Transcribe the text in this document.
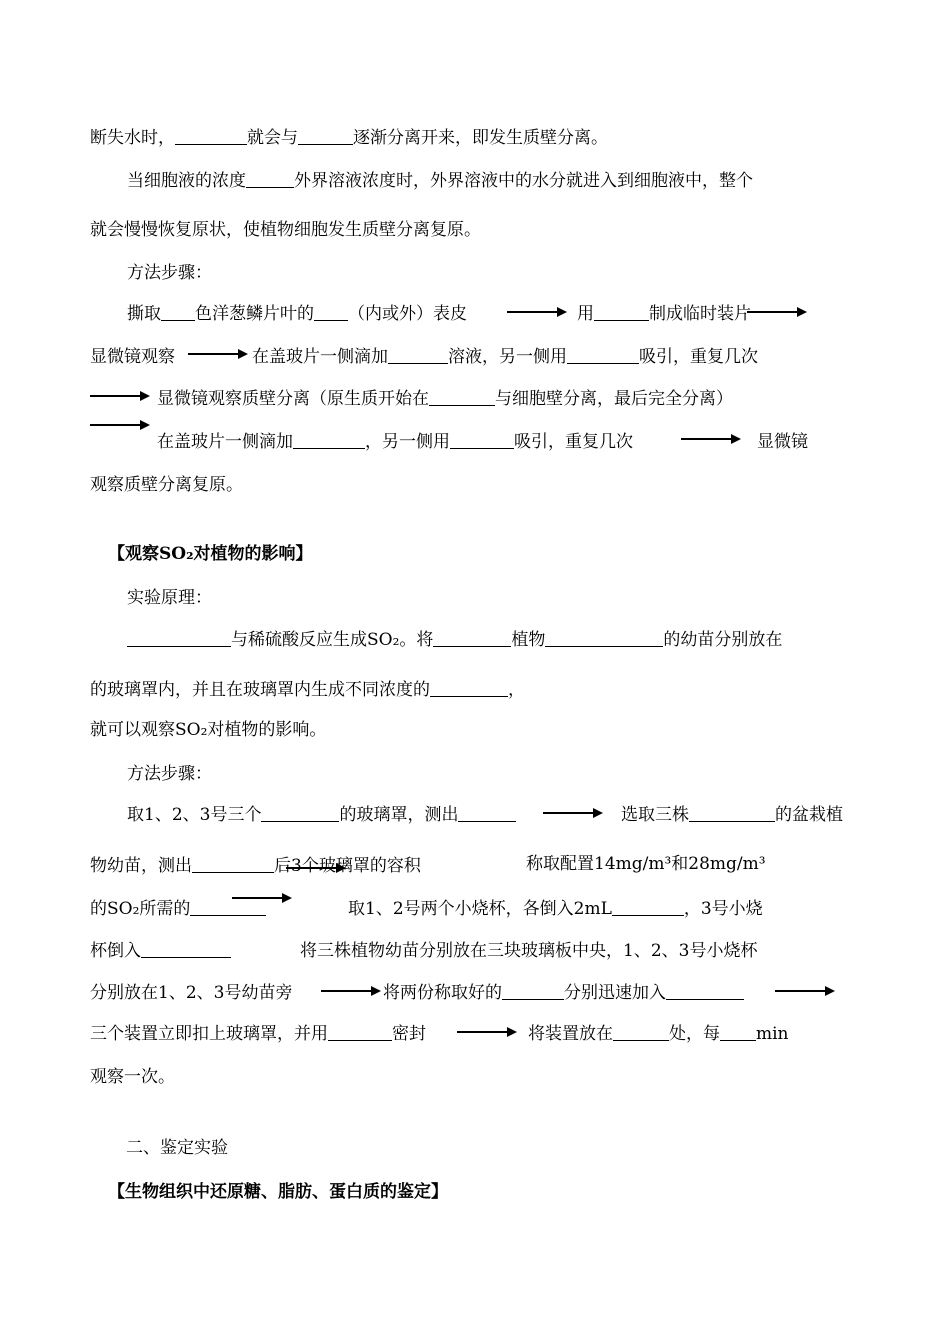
断失水时，	就会与	逐渐分离开来，即发生质壁分离。
当细胞液的浓度	外界溶液浓度时，外界溶液中的水分就进入到细胞液中，整个
就会慢慢恢复原状，使植物细胞发生质壁分离复原。
方法步骤：
撕取 色洋葱鳞片叶的 （内或外）表皮	用	制成临时装片
显微镜观察	在盖玻片一侧滴加	溶液，另一侧用	吸引，重复几次
显微镜观察质壁分离（原生质开始在	与细胞壁分离，最后完全分离）
在盖玻片一侧滴加	，另一侧用	吸引，重复几次	显微镜
观察质壁分离复原。
【观察SO₂对植物的影响】
实验原理：
与稀硫酸反应生成SO₂。将	植物	的幼苗分别放在
的玻璃罩内，并且在玻璃罩内生成不同浓度的	，
就可以观察SO₂对植物的影响。
方法步骤：
取1、2、3号三个	的玻璃罩，测出	选取三株	的盆栽植
物幼苗，测出	后3个玻璃罩的容积	称取配置14mg/m³和28mg/m³
的SO₂所需的	取1、2号两个小烧杯，各倒入2mL	，3号小烧
杯倒入	将三株植物幼苗分别放在三块玻璃板中央，1、2、3号小烧杯
分别放在1、2、3号幼苗旁	将两份称取好的	分别迅速加入
三个装置立即扣上玻璃罩，并用	密封	将装置放在	处，每 min
观察一次。
二、鉴定实验
【生物组织中还原糖、脂肪、蛋白质的鉴定】
